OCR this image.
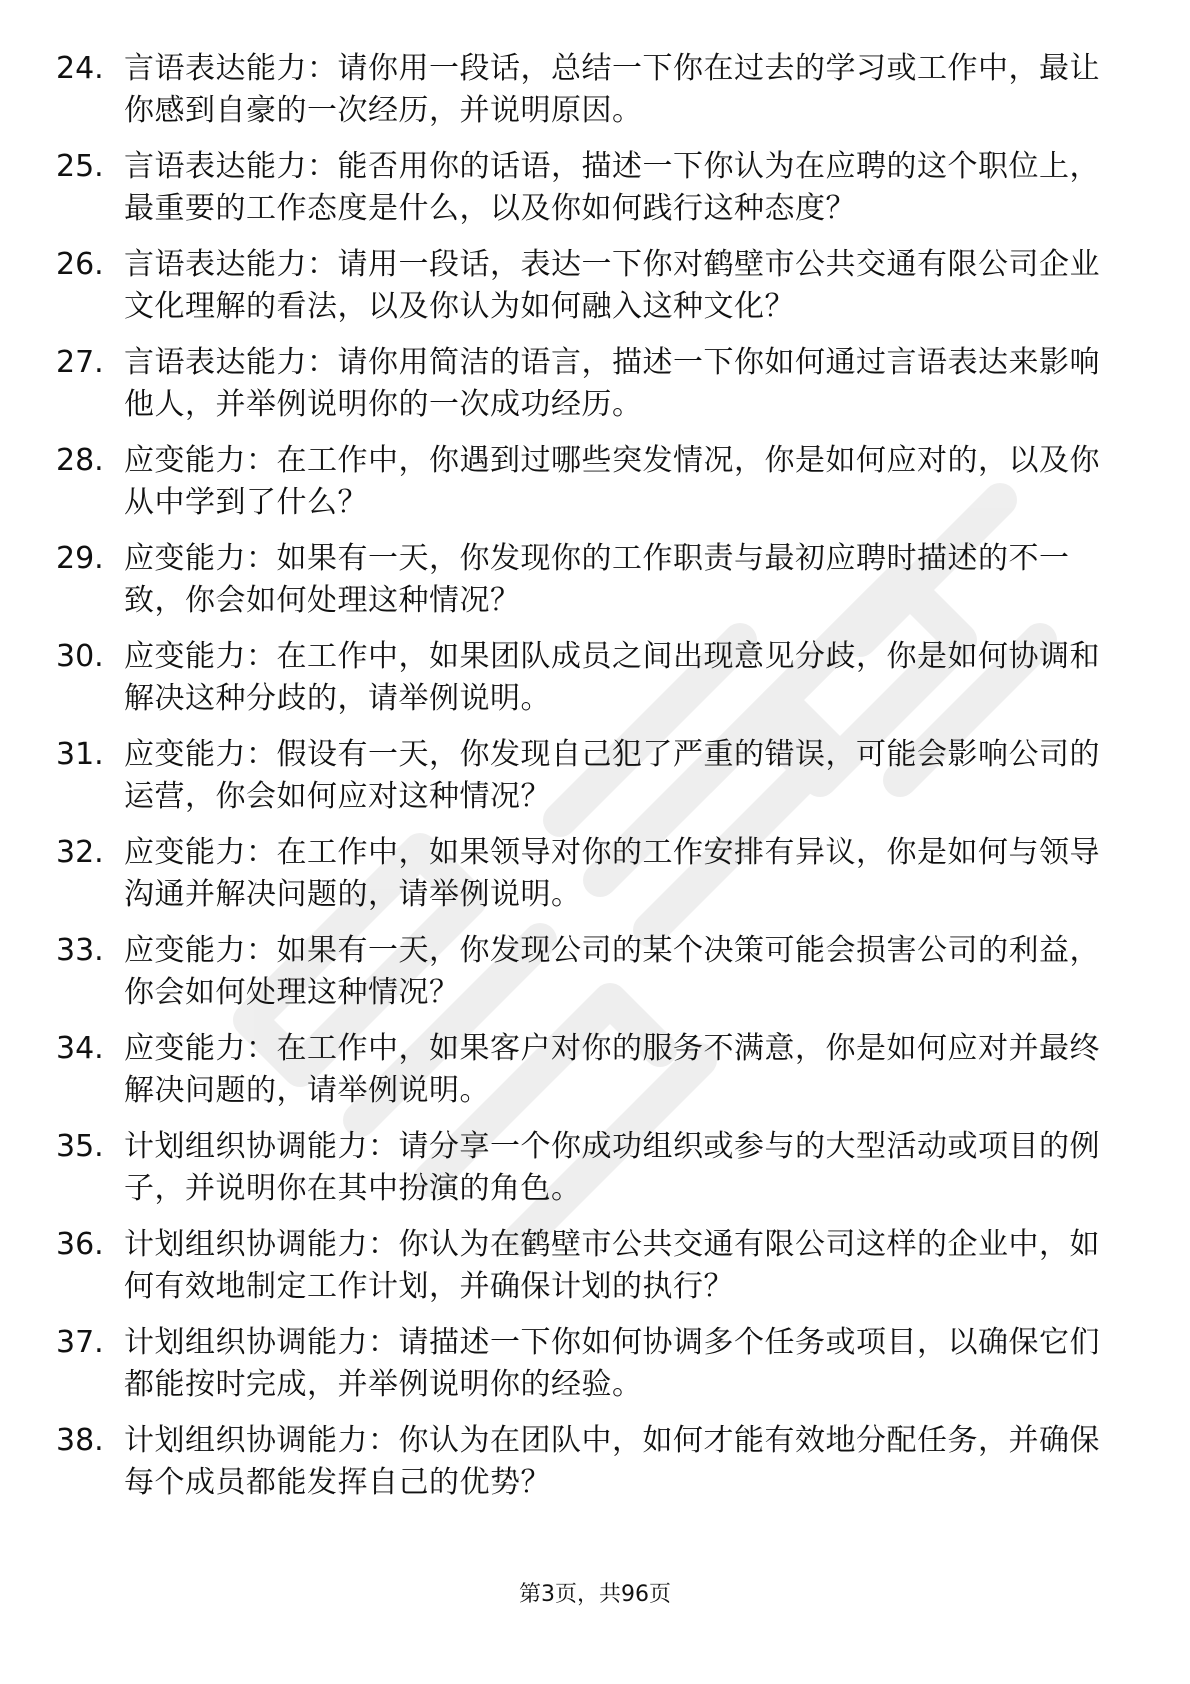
24. 言语表达能力：请你用一段话，总结一下你在过去的学习或工作中，最让你感到自豪的一次经历，并说明原因。
25. 言语表达能力：能否用你的话语，描述一下你认为在应聘的这个职位上，最重要的工作态度是什么，以及你如何践行这种态度？
26. 言语表达能力：请用一段话，表达一下你对鹤壁市公共交通有限公司企业文化理解的看法，以及你认为如何融入这种文化？
27. 言语表达能力：请你用简洁的语言，描述一下你如何通过言语表达来影响他人，并举例说明你的一次成功经历。
28. 应变能力：在工作中，你遇到过哪些突发情况，你是如何应对的，以及你从中学到了什么？
29. 应变能力：如果有一天，你发现你的工作职责与最初应聘时描述的不一致，你会如何处理这种情况？
30. 应变能力：在工作中，如果团队成员之间出现意见分歧，你是如何协调和解决这种分歧的，请举例说明。
31. 应变能力：假设有一天，你发现自己犯了严重的错误，可能会影响公司的运营，你会如何应对这种情况？
32. 应变能力：在工作中，如果领导对你的工作安排有异议，你是如何与领导沟通并解决问题的，请举例说明。
33. 应变能力：如果有一天，你发现公司的某个决策可能会损害公司的利益，你会如何处理这种情况？
34. 应变能力：在工作中，如果客户对你的服务不满意，你是如何应对并最终解决问题的，请举例说明。
35. 计划组织协调能力：请分享一个你成功组织或参与的大型活动或项目的例子，并说明你在其中扮演的角色。
36. 计划组织协调能力：你认为在鹤壁市公共交通有限公司这样的企业中，如何有效地制定工作计划，并确保计划的执行？
37. 计划组织协调能力：请描述一下你如何协调多个任务或项目，以确保它们都能按时完成，并举例说明你的经验。
38. 计划组织协调能力：你认为在团队中，如何才能有效地分配任务，并确保每个成员都能发挥自己的优势？
第3页，共96页
